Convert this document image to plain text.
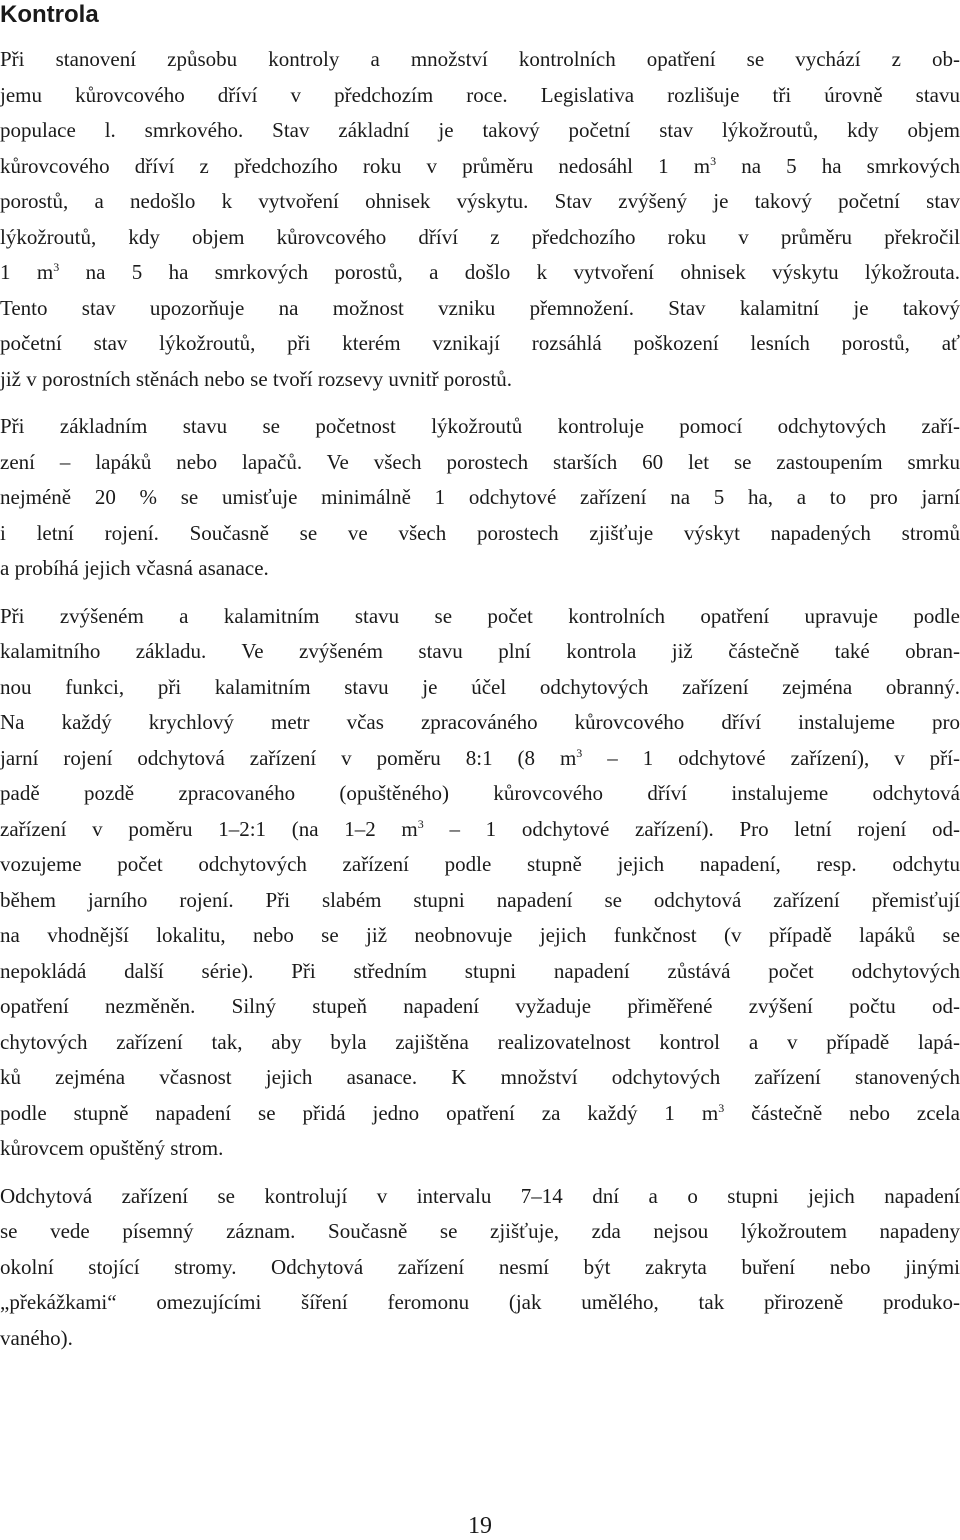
Kontrola

Při stanovení způsobu kontroly a množství kontrolních opatření se vychází z ob-
jemu kůrovcového dříví v předchozím roce. Legislativa rozlišuje tři úrovně stavu
populace l. smrkového. Stav základní je takový početní stav lýkožroutů, kdy objem
kůrovcového dříví z předchozího roku v průměru nedosáhl 1 $m^3$ na 5 ha smrkových
porostů, a nedošlo k vytvoření ohnisek výskytu. Stav zvýšený je takový početní stav
lýkožroutů, kdy objem kůrovcového dříví z předchozího roku v průměru překročil
1 $m^3$ na 5 ha smrkových porostů, a došlo k vytvoření ohnisek výskytu lýkožrouta.
Tento stav upozorňuje na možnost vzniku přemnožení. Stav kalamitní je takový
početní stav lýkožroutů, při kterém vznikají rozsáhlá poškození lesních porostů, ať
již v porostních stěnách nebo se tvoří rozsevy uvnitř porostů.

Při základním stavu se početnost lýkožroutů kontroluje pomocí odchytových zaří-
zení – lapáků nebo lapačů. Ve všech porostech starších 60 let se zastoupením smrku
nejméně 20 % se umisťuje minimálně 1 odchytové zařízení na 5 ha, a to pro jarní
i letní rojení. Současně se ve všech porostech zjišťuje výskyt napadených stromů
a probíhá jejich včasná asanace.

Při zvýšeném a kalamitním stavu se počet kontrolních opatření upravuje podle
kalamitního základu. Ve zvýšeném stavu plní kontrola již částečně také obran-
nou funkci, při kalamitním stavu je účel odchytových zařízení zejména obranný.
Na každý krychlový metr včas zpracováného kůrovcového dříví instalujeme pro
jarní rojení odchytová zařízení v poměru 8:1 (8 $m^3 - 1$ odchytové zařízení), v pří-
padě pozdě zpracovaného (opuštěného) kůrovcového dříví instalujeme odchytová
zařízení v poměru 1–2:1 (na 1–2 $m^3 - 1$ odchytové zařízení). Pro letní rojení od-
vozujeme počet odchytových zařízení podle stupně jejich napadení, resp. odchytu
během jarního rojení. Při slabém stupni napadení se odchytová zařízení přemisťují
na vhodnější lokalitu, nebo se již neobnovuje jejich funkčnost (v případě lapáků se
nepokládá další série). Při středním stupni napadení zůstává počet odchytových
opatření nezměněn. Silný stupeň napadení vyžaduje přiměřené zvýšení počtu od-
chytových zařízení tak, aby byla zajištěna realizovatelnost kontrol a v případě lapá-
ků zejména včasnost jejich asanace. K množství odchytových zařízení stanovených
podle stupně napadení se přidá jedno opatření za každý 1 $m^3$ částečně nebo zcela
kůrovcem opuštěný strom.

Odchytová zařízení se kontrolují v intervalu 7–14 dní a o stupni jejich napadení
se vede písemný záznam. Současně se zjišťuje, zda nejsou lýkožroutem napadeny
okolní stojící stromy. Odchytová zařízení nesmí být zakryta buření nebo jinými
„překážkami“ omezujícími šíření feromonu (jak umělého, tak přirozeně produko-
vaného).

19
